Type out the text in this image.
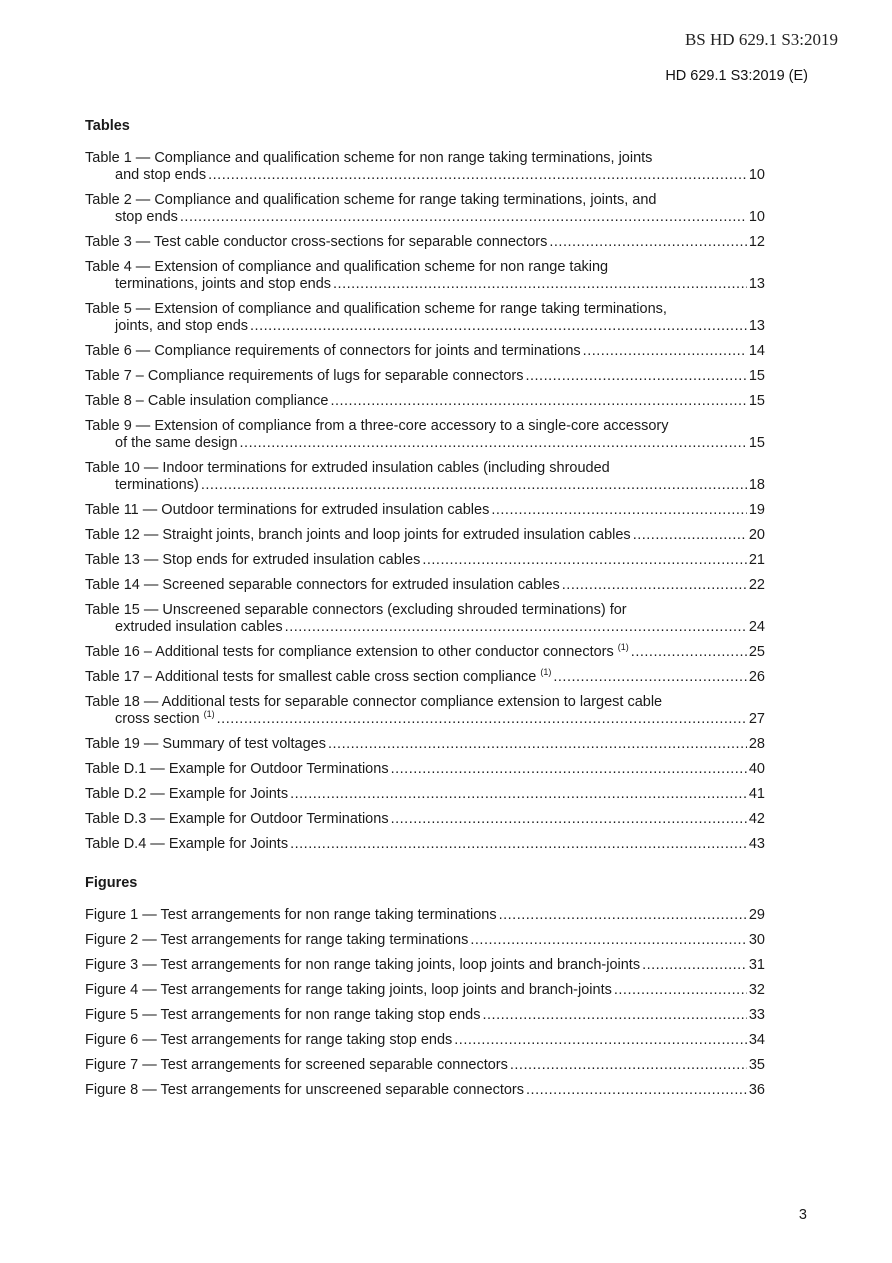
BS HD 629.1 S3:2019
HD 629.1 S3:2019 (E)
Tables
Table 1 — Compliance and qualification scheme for non range taking terminations, joints
and stop ends .....	10
Table 2 — Compliance and qualification scheme for range taking terminations, joints, and
stop ends .....	10
Table 3 — Test cable conductor cross-sections for separable connectors .....	12
Table 4 — Extension of compliance and qualification scheme for non range taking
terminations, joints and stop ends .....	13
Table 5 — Extension of compliance and qualification scheme for range taking terminations,
joints, and stop ends .....	13
Table 6 — Compliance requirements of connectors for joints and terminations .....	14
Table 7 – Compliance requirements of lugs for separable connectors .....	15
Table 8 – Cable insulation compliance .....	15
Table 9 — Extension of compliance from a three-core accessory to a single-core accessory
of the same design .....	15
Table 10 — Indoor terminations for extruded insulation cables (including shrouded
terminations) .....	18
Table 11 — Outdoor terminations for extruded insulation cables .....	19
Table 12 — Straight joints, branch joints and loop joints for extruded insulation cables .....	20
Table 13 — Stop ends for extruded insulation cables .....	21
Table 14 — Screened separable connectors for extruded insulation cables .....	22
Table 15 — Unscreened separable connectors (excluding shrouded terminations) for
extruded insulation cables .....	24
Table 16 – Additional tests for compliance extension to other conductor connectors $^{(1)}$ .....	25
Table 17 – Additional tests for smallest cable cross section compliance $^{(1)}$ .....	26
Table 18 — Additional tests for separable connector compliance extension to largest cable
cross section $^{(1)}$ .....	27
Table 19 — Summary of test voltages .....	28
Table D.1 — Example for Outdoor Terminations .....	40
Table D.2 — Example for Joints .....	41
Table D.3 — Example for Outdoor Terminations .....	42
Table D.4 — Example for Joints .....	43
Figures
Figure 1 — Test arrangements for non range taking terminations .....	29
Figure 2 — Test arrangements for range taking terminations .....	30
Figure 3 — Test arrangements for non range taking joints, loop joints and branch-joints .....	31
Figure 4 — Test arrangements for range taking joints, loop joints and branch-joints .....	32
Figure 5 — Test arrangements for non range taking stop ends .....	33
Figure 6 — Test arrangements for range taking stop ends .....	34
Figure 7 — Test arrangements for screened separable connectors .....	35
Figure 8 — Test arrangements for unscreened separable connectors .....	36
3
